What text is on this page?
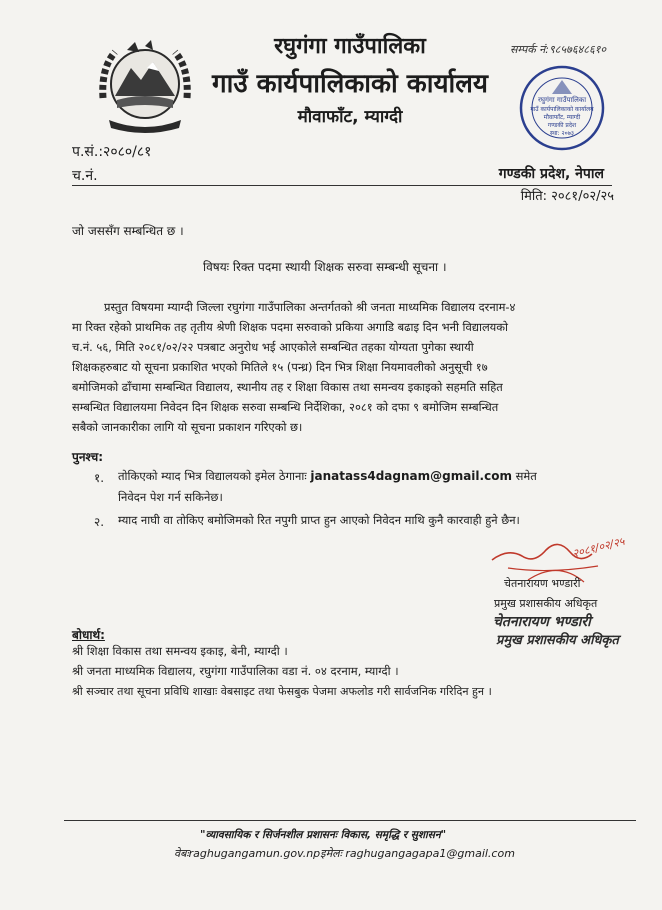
रघुगंगा गाउँपालिका
गाउँ कार्यपालिकाको कार्यालय
मौवाफाँट, म्याग्दी
सम्पर्क नं:९८५७६४८६१०
रघुगंगा गाउँपालिका
गाउँ कार्यपालिकाको कार्यालय
मौवाफाँट, म्याग्दी
गण्डकी प्रदेश
स्था: २०७३
प.सं.:२०८०/८१
च.नं.	गण्डकी प्रदेश, नेपाल
मिति: २०८१/०२/२५
जो जससँग सम्बन्धित छ ।
विषयः रिक्त पदमा स्थायी शिक्षक सरुवा सम्बन्धी सूचना ।
प्रस्तुत विषयमा म्याग्दी जिल्ला रघुगंगा गाउँपालिका अन्तर्गतको श्री जनता माध्यमिक विद्यालय दरनाम-४
मा रिक्त रहेको प्राथमिक तह तृतीय श्रेणी शिक्षक पदमा सरुवाको प्रकिया अगाडि बढाइ दिन भनी विद्यालयको
च.नं. ५६, मिति २०८१/०२/२२ पत्रबाट अनुरोध भई आएकोले सम्बन्धित तहका योग्यता पुगेका स्थायी
शिक्षकहरुबाट यो सूचना प्रकाशित भएको मितिले १५ (पन्ध्र) दिन भित्र शिक्षा नियमावलीको अनुसूची १७
बमोजिमको ढाँचामा सम्बन्धित विद्यालय, स्थानीय तह र शिक्षा विकास तथा समन्वय इकाइको सहमति सहित
सम्बन्धित विद्यालयमा निवेदन दिन शिक्षक सरुवा सम्बन्धि निर्देशिका, २०८१ को दफा ९ बमोजिम सम्बन्धित
सबैको जानकारीका लागि यो सूचना प्रकाशन गरिएको छ।
पुनश्च:
१. तोकिएको म्याद भित्र विद्यालयको इमेल ठेगानाः janatass4dagnam@gmail.com समेत
निवेदन पेश गर्न सकिनेछ।
२. म्याद नाघी वा तोकिए बमोजिमको रित नपुगी प्राप्त हुन आएको निवेदन माथि कुनै कारवाही हुने छैन।
२०८१/०२/२५
चेतनारायण भण्डारी
प्रमुख प्रशासकीय अधिकृत
चेतनारायण भण्डारी
प्रमुख प्रशासकीय अधिकृत
बोधार्थ:
श्री शिक्षा विकास तथा समन्वय इकाइ, बेनी, म्याग्दी ।
श्री जनता माध्यमिक विद्यालय, रघुगंगा गाउँपालिका वडा नं. ०४ दरनाम, म्याग्दी ।
श्री सञ्चार तथा सूचना प्रविधि शाखाः वेबसाइट तथा फेसबुक पेजमा अफलोड गरी सार्वजनिक गरिदिन हुन ।
"व्यावसायिक र सिर्जनशील प्रशासनः विकास, समृद्धि र सुशासन"
वेबःraghugangamun.gov.npइमेलः raghugangagapa1@gmail.com
